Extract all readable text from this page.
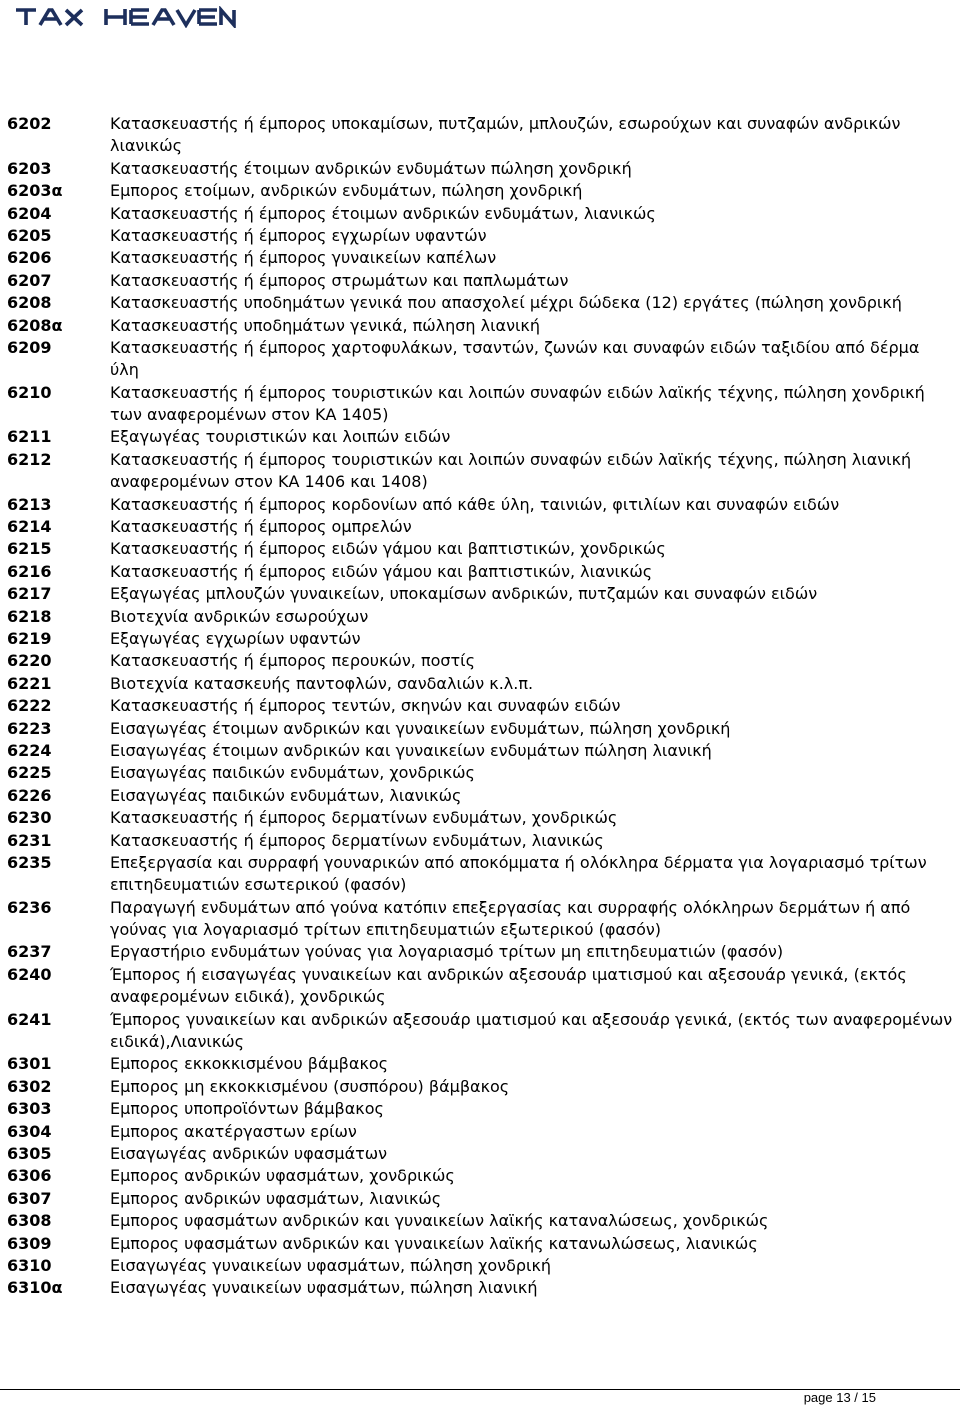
6202	Κατασκευαστής ή έμπορος υποκαμίσων, πυτζαμών, μπλουζών, εσωρούχων και συναφών ανδρικών
λιανικώς
6203	Κατασκευαστής έτοιμων ανδρικών ενδυμάτων πώληση χονδρική
6203α	Εμπορος ετοίμων, ανδρικών ενδυμάτων, πώληση χονδρική
6204	Κατασκευαστής ή έμπορος έτοιμων ανδρικών ενδυμάτων, λιανικώς
6205	Κατασκευαστής ή έμπορος εγχωρίων υφαντών
6206	Κατασκευαστής ή έμπορος γυναικείων καπέλων
6207	Κατασκευαστής ή έμπορος στρωμάτων και παπλωμάτων
6208	Κατασκευαστής υποδημάτων γενικά που απασχολεί μέχρι δώδεκα (12) εργάτες (πώληση χονδρική
6208α	Κατασκευαστής υποδημάτων γενικά, πώληση λιανική
6209	Κατασκευαστής ή έμπορος χαρτοφυλάκων, τσαντών, ζωνών και συναφών ειδών ταξιδίου από δέρμα
ύλη
6210	Κατασκευαστής ή έμπορος τουριστικών και λοιπών συναφών ειδών λαϊκής τέχνης, πώληση χονδρική
των αναφερομένων στον ΚΑ 1405)
6211	Εξαγωγέας τουριστικών και λοιπών ειδών
6212	Κατασκευαστής ή έμπορος τουριστικών και λοιπών συναφών ειδών λαϊκής τέχνης, πώληση λιανική
αναφερομένων στον ΚΑ 1406 και 1408)
6213	Κατασκευαστής ή έμπορος κορδονίων από κάθε ύλη, ταινιών, φιτιλίων και συναφών ειδών
6214	Κατασκευαστής ή έμπορος ομπρελών
6215	Κατασκευαστής ή έμπορος ειδών γάμου και βαπτιστικών, χονδρικώς
6216	Κατασκευαστής ή έμπορος ειδών γάμου και βαπτιστικών, λιανικώς
6217	Εξαγωγέας μπλουζών γυναικείων, υποκαμίσων ανδρικών, πυτζαμών και συναφών ειδών
6218	Βιοτεχνία ανδρικών εσωρούχων
6219	Εξαγωγέας εγχωρίων υφαντών
6220	Κατασκευαστής ή έμπορος περουκών, ποστίς
6221	Βιοτεχνία κατασκευής παντοφλών, σανδαλιών κ.λ.π.
6222	Κατασκευαστής ή έμπορος τεντών, σκηνών και συναφών ειδών
6223	Εισαγωγέας έτοιμων ανδρικών και γυναικείων ενδυμάτων, πώληση χονδρική
6224	Εισαγωγέας έτοιμων ανδρικών και γυναικείων ενδυμάτων πώληση λιανική
6225	Εισαγωγέας παιδικών ενδυμάτων, χονδρικώς
6226	Εισαγωγέας παιδικών ενδυμάτων, λιανικώς
6230	Κατασκευαστής ή έμπορος δερματίνων ενδυμάτων, χονδρικώς
6231	Κατασκευαστής ή έμπορος δερματίνων ενδυμάτων, λιανικώς
6235	Επεξεργασία και συρραφή γουναρικών από αποκόμματα ή ολόκληρα δέρματα για λογαριασμό τρίτων
επιτηδευματιών εσωτερικού (φασόν)
6236	Παραγωγή ενδυμάτων από γούνα κατόπιν επεξεργασίας και συρραφής ολόκληρων δερμάτων ή από
γούνας για λογαριασμό τρίτων επιτηδευματιών εξωτερικού (φασόν)
6237	Εργαστήριο ενδυμάτων γούνας για λογαριασμό τρίτων μη επιτηδευματιών (φασόν)
6240	Έμπορος ή εισαγωγέας γυναικείων και ανδρικών αξεσουάρ ιματισμού και αξεσουάρ γενικά, (εκτός
αναφερομένων ειδικά), χονδρικώς
6241	Έμπορος γυναικείων και ανδρικών αξεσουάρ ιματισμού και αξεσουάρ γενικά, (εκτός των αναφερομένων
ειδικά),Λιανικώς
6301	Εμπορος εκκοκκισμένου βάμβακος
6302	Εμπορος μη εκκοκκισμένου (συσπόρου) βάμβακος
6303	Εμπορος υποπροϊόντων βάμβακος
6304	Εμπορος ακατέργαστων ερίων
6305	Εισαγωγέας ανδρικών υφασμάτων
6306	Εμπορος ανδρικών υφασμάτων, χονδρικώς
6307	Εμπορος ανδρικών υφασμάτων, λιανικώς
6308	Εμπορος υφασμάτων ανδρικών και γυναικείων λαϊκής καταναλώσεως, χονδρικώς
6309	Εμπορος υφασμάτων ανδρικών και γυναικείων λαϊκής κατανωλώσεως, λιανικώς
6310	Εισαγωγέας γυναικείων υφασμάτων, πώληση χονδρική
6310α	Εισαγωγέας γυναικείων υφασμάτων, πώληση λιανική
page 13 / 15
